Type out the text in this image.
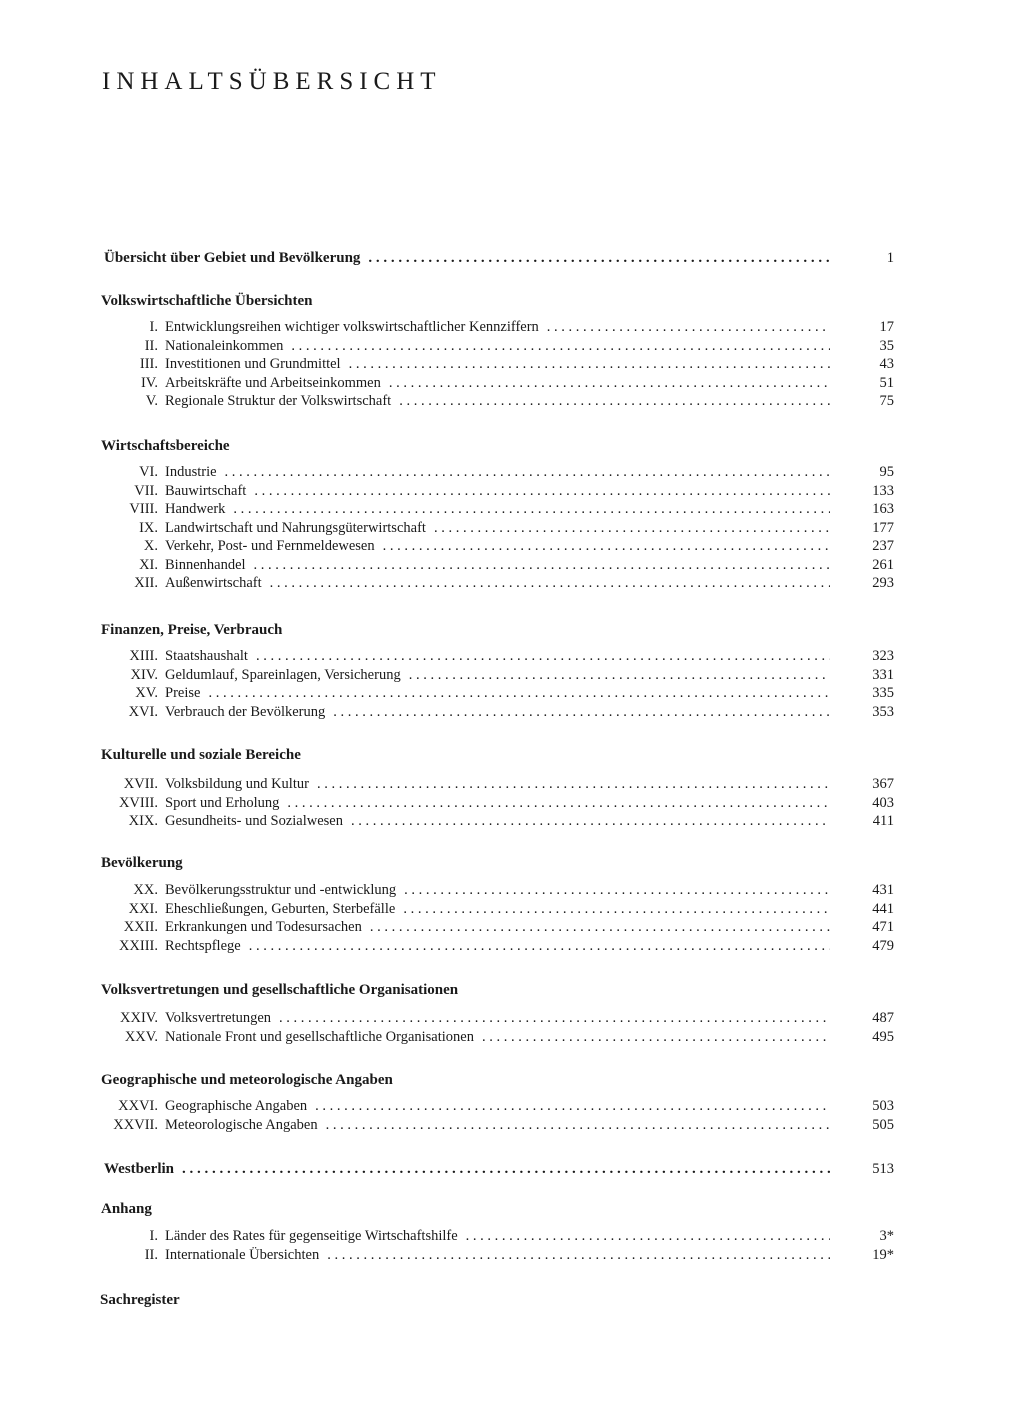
INHALTSÜBERSICHT
Übersicht über Gebiet und Bevölkerung . . .	1
Volkswirtschaftliche Übersichten
I. Entwicklungsreihen wichtiger volkswirtschaftlicher Kennziffern . . .	17
II. Nationaleinkommen . . .	35
III. Investitionen und Grundmittel . . .	43
IV. Arbeitskräfte und Arbeitseinkommen . . .	51
V. Regionale Struktur der Volkswirtschaft . . .	75
Wirtschaftsbereiche
VI. Industrie . . .	95
VII. Bauwirtschaft . . .	133
VIII. Handwerk . . .	163
IX. Landwirtschaft und Nahrungsgüterwirtschaft . . .	177
X. Verkehr, Post- und Fernmeldewesen . . .	237
XI. Binnenhandel . . .	261
XII. Außenwirtschaft . . .	293
Finanzen, Preise, Verbrauch
XIII. Staatshaushalt . . .	323
XIV. Geldumlauf, Spareinlagen, Versicherung . . .	331
XV. Preise . . .	335
XVI. Verbrauch der Bevölkerung . . .	353
Kulturelle und soziale Bereiche
XVII. Volksbildung und Kultur . . .	367
XVIII. Sport und Erholung . . .	403
XIX. Gesundheits- und Sozialwesen . . .	411
Bevölkerung
XX. Bevölkerungsstruktur und -entwicklung . . .	431
XXI. Eheschließungen, Geburten, Sterbefälle . . .	441
XXII. Erkrankungen und Todesursachen . . .	471
XXIII. Rechtspflege . . .	479
Volksvertretungen und gesellschaftliche Organisationen
XXIV. Volksvertretungen . . .	487
XXV. Nationale Front und gesellschaftliche Organisationen . . .	495
Geographische und meteorologische Angaben
XXVI. Geographische Angaben . . .	503
XXVII. Meteorologische Angaben . . .	505
Westberlin . . .	513
Anhang
I. Länder des Rates für gegenseitige Wirtschaftshilfe . . .	3*
II. Internationale Übersichten . . .	19*
Sachregister
